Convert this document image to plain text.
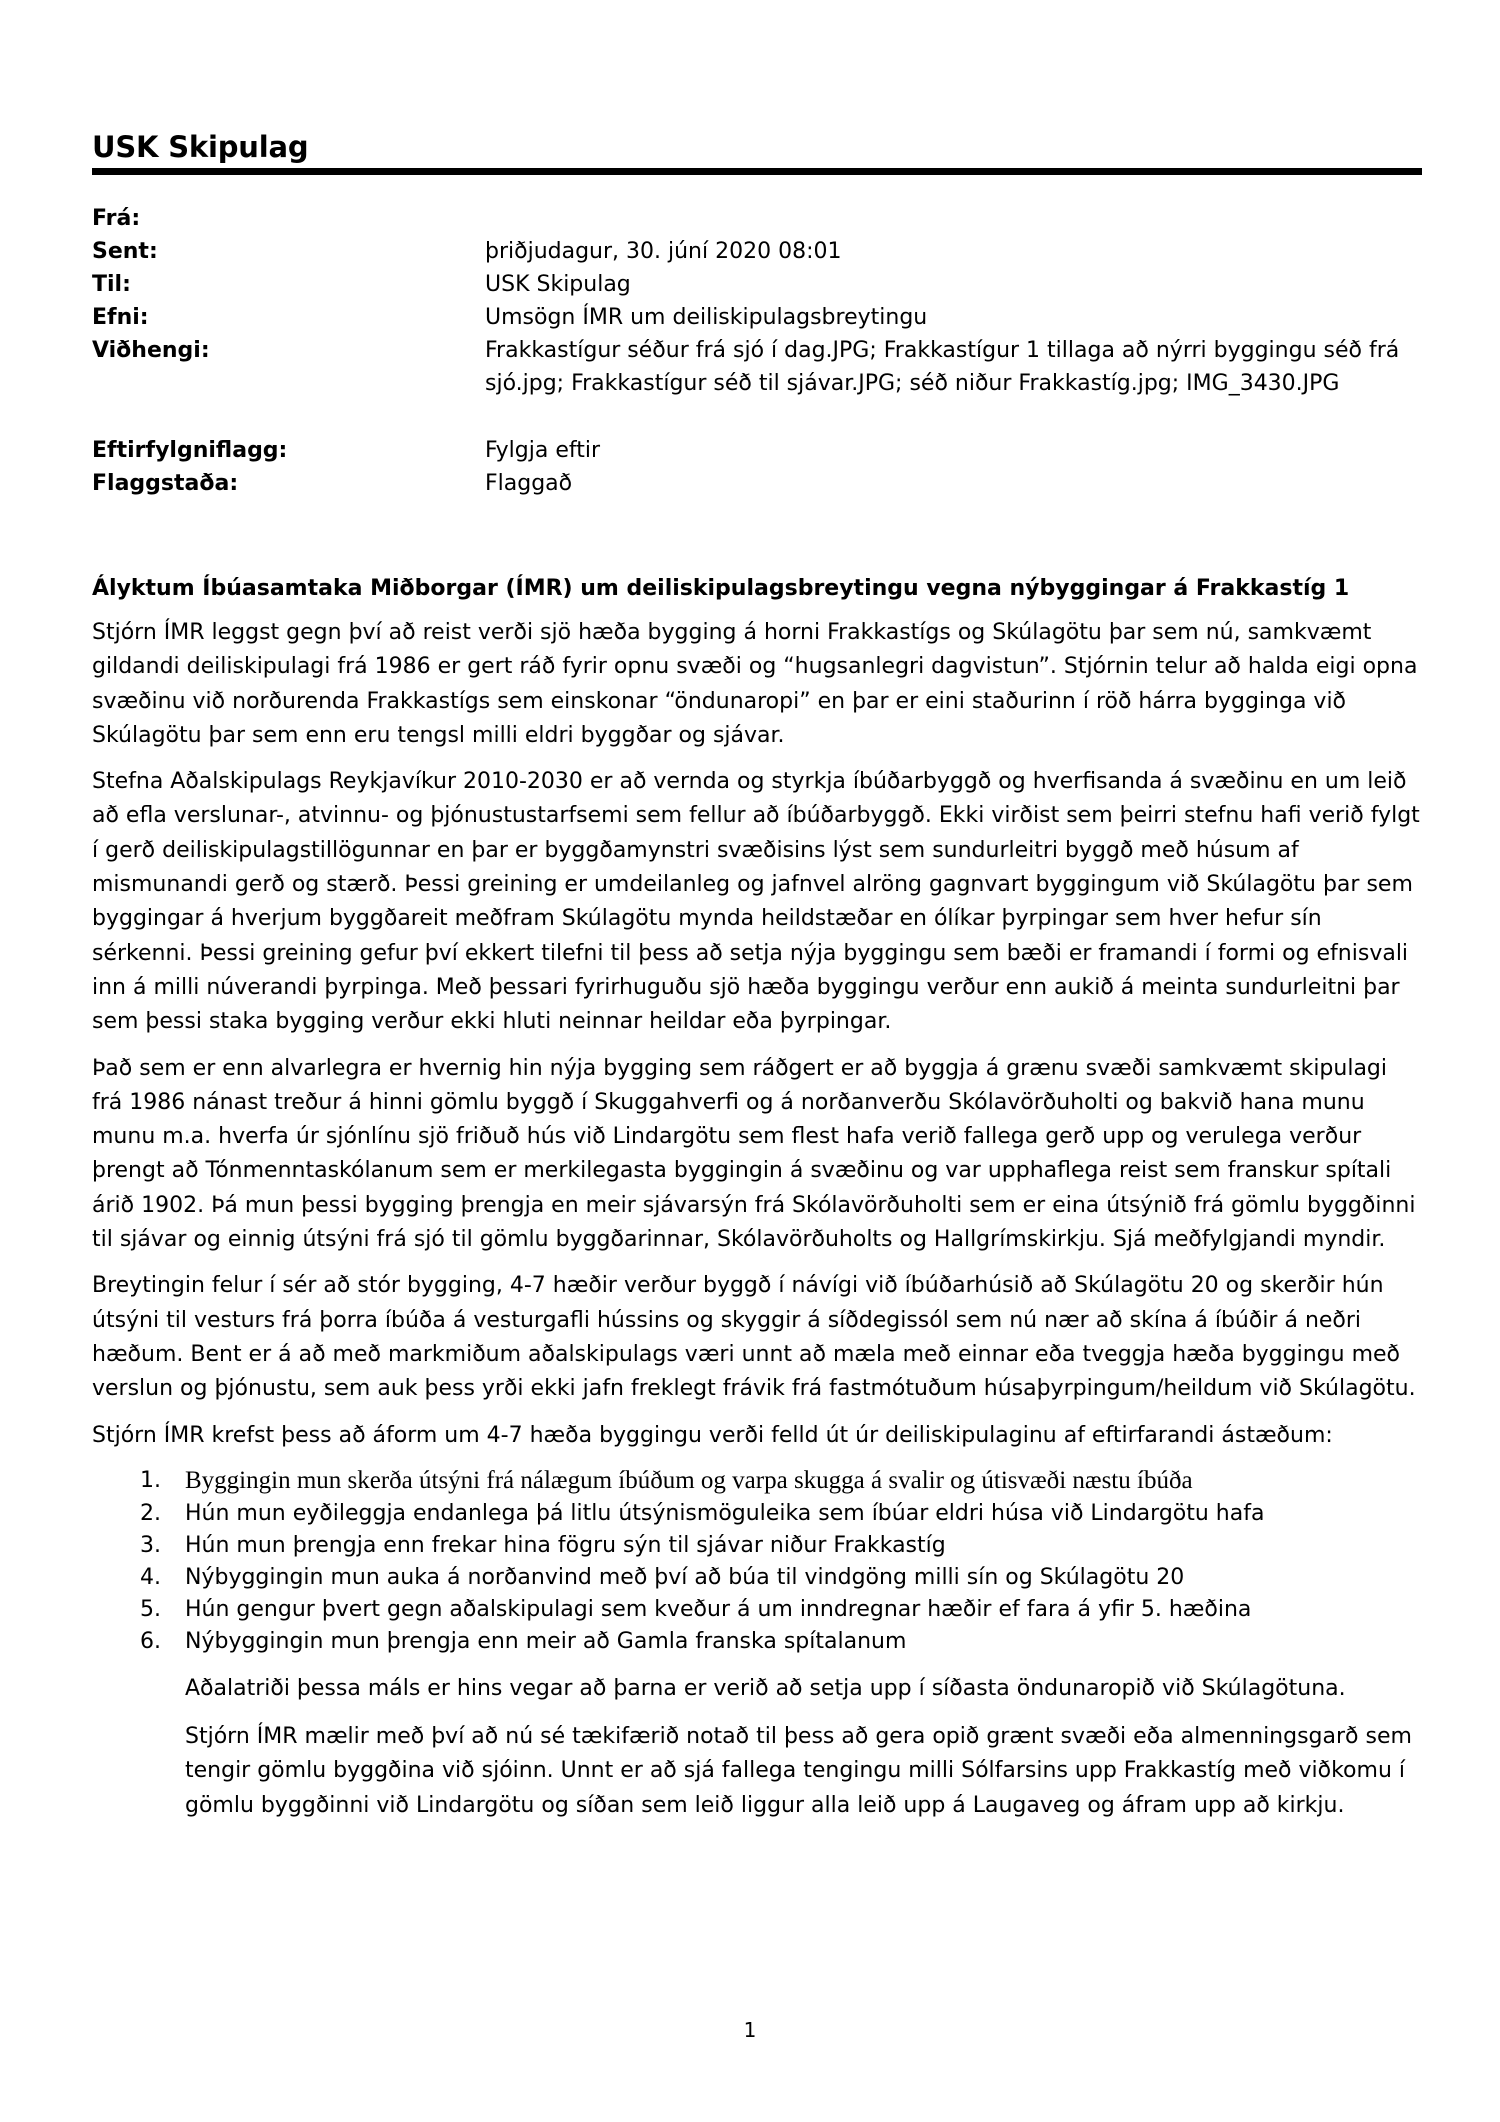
USK Skipulag
Frá:
Sent:	þriðjudagur, 30. júní 2020 08:01
Til:	USK Skipulag
Efni:	Umsögn ÍMR um deiliskipulagsbreytingu
Viðhengi:	Frakkastígur séður frá sjó í dag.JPG; Frakkastígur 1 tillaga að nýrri byggingu séð frá sjó.jpg; Frakkastígur séð til sjávar.JPG; séð niður Frakkastíg.jpg; IMG_3430.JPG
Eftirfylgniflagg:	Fylgja eftir
Flaggstaða:	Flaggað
Ályktum Íbúasamtaka Miðborgar (ÍMR) um deiliskipulagsbreytingu vegna nýbyggingar á Frakkastíg 1

Stjórn ÍMR leggst gegn því að reist verði sjö hæða bygging á horni Frakkastígs og Skúlagötu þar sem nú, samkvæmt gildandi deiliskipulagi frá 1986 er gert ráð fyrir opnu svæði og “hugsanlegri dagvistun”. Stjórnin telur að halda eigi opna svæðinu við norðurenda Frakkastígs sem einskonar “öndunaropi” en þar er eini staðurinn í röð hárra bygginga við Skúlagötu þar sem enn eru tengsl milli eldri byggðar og sjávar.

Stefna Aðalskipulags Reykjavíkur 2010-2030 er að vernda og styrkja íbúðarbyggð og hverfisanda á svæðinu en um leið að efla verslunar-, atvinnu- og þjónustustarfsemi sem fellur að íbúðarbyggð. Ekki virðist sem þeirri stefnu hafi verið fylgt í gerð deiliskipulagstillögunnar en þar er byggðamynstri svæðisins lýst sem sundurleitri byggð með húsum af mismunandi gerð og stærð. Þessi greining er umdeilanleg og jafnvel alröng gagnvart byggingum við Skúlagötu þar sem byggingar á hverjum byggðareit meðfram Skúlagötu mynda heildstæðar en ólíkar þyrpingar sem hver hefur sín sérkenni. Þessi greining gefur því ekkert tilefni til þess að setja nýja byggingu sem bæði er framandi í formi og efnisvali inn á milli núverandi þyrpinga. Með þessari fyrirhuguðu sjö hæða byggingu verður enn aukið á meinta sundurleitni þar sem þessi staka bygging verður ekki hluti neinnar heildar eða þyrpingar.

Það sem er enn alvarlegra er hvernig hin nýja bygging sem ráðgert er að byggja á grænu svæði samkvæmt skipulagi frá 1986 nánast treður á hinni gömlu byggð í Skuggahverfi og á norðanverðu Skólavörðuholti og bakvið hana munu munu m.a. hverfa úr sjónlínu sjö friðuð hús við Lindargötu sem flest hafa verið fallega gerð upp og verulega verður þrengt að Tónmenntaskólanum sem er merkilegasta byggingin á svæðinu og var upphaflega reist sem franskur spítali árið 1902. Þá mun þessi bygging þrengja en meir sjávarsýn frá Skólavörðuholti sem er eina útsýnið frá gömlu byggðinni til sjávar og einnig útsýni frá sjó til gömlu byggðarinnar, Skólavörðuholts og Hallgrímskirkju. Sjá meðfylgjandi myndir.

Breytingin felur í sér að stór bygging, 4-7 hæðir verður byggð í návígi við íbúðarhúsið að Skúlagötu 20 og skerðir hún útsýni til vesturs frá þorra íbúða á vesturgafli hússins og skyggir á síðdegissól sem nú nær að skína á íbúðir á neðri hæðum. Bent er á að með markmiðum aðalskipulags væri unnt að mæla með einnar eða tveggja hæða byggingu með verslun og þjónustu, sem auk þess yrði ekki jafn freklegt frávik frá fastmótuðum húsaþyrpingum/heildum við Skúlagötu.

Stjórn ÍMR krefst þess að áform um 4-7 hæða byggingu verði felld út úr deiliskipulaginu af eftirfarandi ástæðum:

1. Byggingin mun skerða útsýni frá nálægum íbúðum og varpa skugga á svalir og útisvæði næstu íbúða
2. Hún mun eyðileggja endanlega þá litlu útsýnismöguleika sem íbúar eldri húsa við Lindargötu hafa
3. Hún mun þrengja enn frekar hina fögru sýn til sjávar niður Frakkastíg
4. Nýbyggingin mun auka á norðanvind með því að búa til vindgöng milli sín og Skúlagötu 20
5. Hún gengur þvert gegn aðalskipulagi sem kveður á um inndregnar hæðir ef fara á yfir 5. hæðina
6. Nýbyggingin mun þrengja enn meir að Gamla franska spítalanum

Aðalatriði þessa máls er hins vegar að þarna er verið að setja upp í síðasta öndunaropið við Skúlagötuna.

Stjórn ÍMR mælir með því að nú sé tækifærið notað til þess að gera opið grænt svæði eða almenningsgarð sem tengir gömlu byggðina við sjóinn. Unnt er að sjá fallega tengingu milli Sólfarsins upp Frakkastíg með viðkomu í gömlu byggðinni við Lindargötu og síðan sem leið liggur alla leið upp á Laugaveg og áfram upp að kirkju.

1
